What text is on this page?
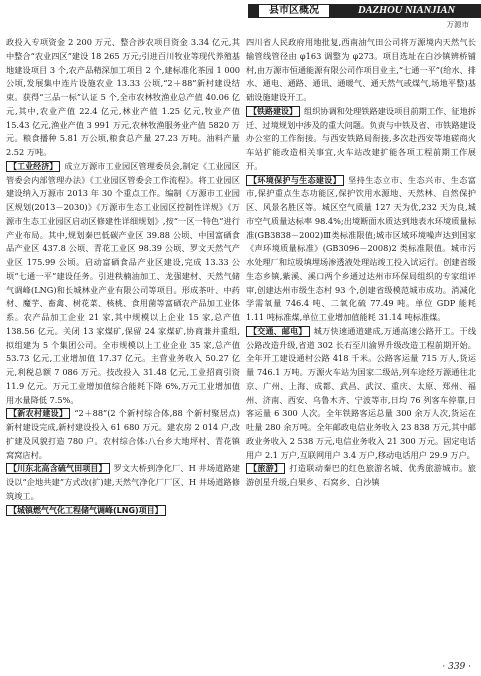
县市区概况	DAZHOU NIANJIAN
万源市

政投入专项资金 2 200 万元、整合涉农项目资金 3.34 亿元,其中整合“农业四区”建设 18 265 万元;引进百川牧业等现代养殖基地建设项目 3 个,农产品精深加工项目 2 个,建标准化茶园 1 000 公顷,发展集中连片设施农业 13.33 公顷,“2＋88”新村建设结束。获得“三品一标”认证 5 个,全市农林牧渔业总产值 40.06 亿元,其中,农业产值 22.4 亿元,林业产值 1.25 亿元,牧业产值 15.43 亿元,渔业产值 3 991 万元,农林牧渔服务业产值 5820 万元。粮食播种 5.81 万公顷,粮食总产量 27.23 万吨。油料产量 2.52 万吨。

【工业经济】 成立万源市工业园区管理委员会,制定《工业园区管委会内部管理办法》《工业园区管委会工作流程》。将工业园区建设纳入万源市 2013 年 30 个重点工作。编制《万源市工业园区规划(2013－2030)》《万源市生态工业园区控制性详规》《万源市生态工业园区启动区修建性详细规划》,按“一区一特色”进行产业布局。其中,规划秦巴低碳产业区 39.88 公顷、中国富硒食品产业区 437.8 公顷、青花工业区 98.39 公顷、罗文天然气产业区 175.99 公顷。启动富硒食品产业区建设,完成 13.33 公顷“七通一平”建设任务。引进秩楠油加工、龙强建材、天然气储气调峰(LNG)和长城林业产业有限公司等项目。形成茶叶、中药材、魔芋、畜禽、树花菜、核桃、食用菌等富硒农产品加工业体系。农产品加工企业 21 家,其中规模以上企业 15 家,总产值 138.56 亿元。关闭 13 家煤矿,保留 24 家煤矿,协商兼并重组,拟组建为 5 个集团公司。全市规模以上工业企业 35 家,总产值 53.73 亿元,工业增加值 17.37 亿元。主营业务收入 50.27 亿元,利税总额 7 086 万元。技改投入 31.48 亿元,工业招商引资 11.9 亿元。万元工业增加值综合能耗下降 6%,万元工业增加值用水量降低 7.5%。

【新农村建设】 “2＋88”(2 个新村综合体,88 个新村聚居点)新村建设完成,新村建设投入 61 680 万元。建农房 2 014 户,改扩建及风貌打造 780 户。农村综合体:八台乡大地坪村、青花镇窝窝店村。

【川东北高含硫气田项目】 罗文大桥到净化厂、H 井场道路建设以“企地共建”方式改(扩)建,天然气净化厂厂区、H 井场道路修筑竣工。

【城镇燃气气化工程储气调峰(LNG)项目】

四川省人民政府用地批复,西南油气田公司将万源境内天然气长输管线管径由 φ163 调整为 φ273。项目选址在白沙镇辨桥铺村,由万源市恒通能源有限公司作项目业主,“七通一平”(给水、排水、通电、通路、通讯、通暖气、通天然气或煤气,场地平整)基础设施建设开工。

【铁路建设】 组织协调和处理铁路建设项目前期工作、征地拆迁、过境规划中涉及的重大问题。负责与中铁及省、市铁路建设办公室的工作衔接。与西安铁路局衔接,多次赴西安等地磋商火车站扩能改造相关事宜,火车站改建扩能各项工程前期工作展开。

【环境保护与生态建设】 坚持生态立市、生态兴市、生态富市,保护重点生态功能区,保护饮用水源地、天然林、自然保护区、风景名胜区等。城区空气质量 127 天为优,232 天为良,城市空气质量达标率 98.4%;出境断面水质达到地表水环境质量标准(GB3838－2002)Ⅲ类标准限值;城市区域环境噪声达到国家《声环境质量标准》(GB3096－2008)2 类标准限值。城市污水处理厂和垃圾填埋场渗透液处理站竣工投入试运行。创建省级生态乡镇,紫溪、溪口两个乡通过达州市环保局组织的专家组评审,创建达州市级生态村 93 个,创建省级模范城市成功。消减化学需氧量 746.4 吨、二氧化硫 77.49 吨。单位 GDP 能耗 1.11 吨标准煤,单位工业增加值能耗 31.14 吨标准煤。

【交通、邮电】 城万快速通道建成,万通高速公路开工。干线公路改造升级,省道 302 长石至川渝界升级改造工程前期开始。全年开工建设通村公路 418 千米。公路客运量 715 万人,货运量 746.1 万吨。万源火车站为国家二级站,列车途经万源通往北京、广州、上海、成都、武昌、武汉、重庆、太原、郑州、福州、济南、西安、乌鲁木齐、宁波等市,日均 76 列客车停靠,日客运量 6 300 人次。全年铁路客运总量 300 余万人次,货运在吐量 280 余万吨。全年邮政电信业务收入 23 838 万元,其中邮政业务收入 2 538 万元,电信业务收入 21 300 万元。固定电话用户 2.1 万户,互联网用户 3.4 万户,移动电话用户 29.9 万户。

【旅游】 打造联动秦巴的红色旅游名城、优秀旅游城市。旅游创星升级,白果乡、石窝乡、白沙镇

· 339 ·
